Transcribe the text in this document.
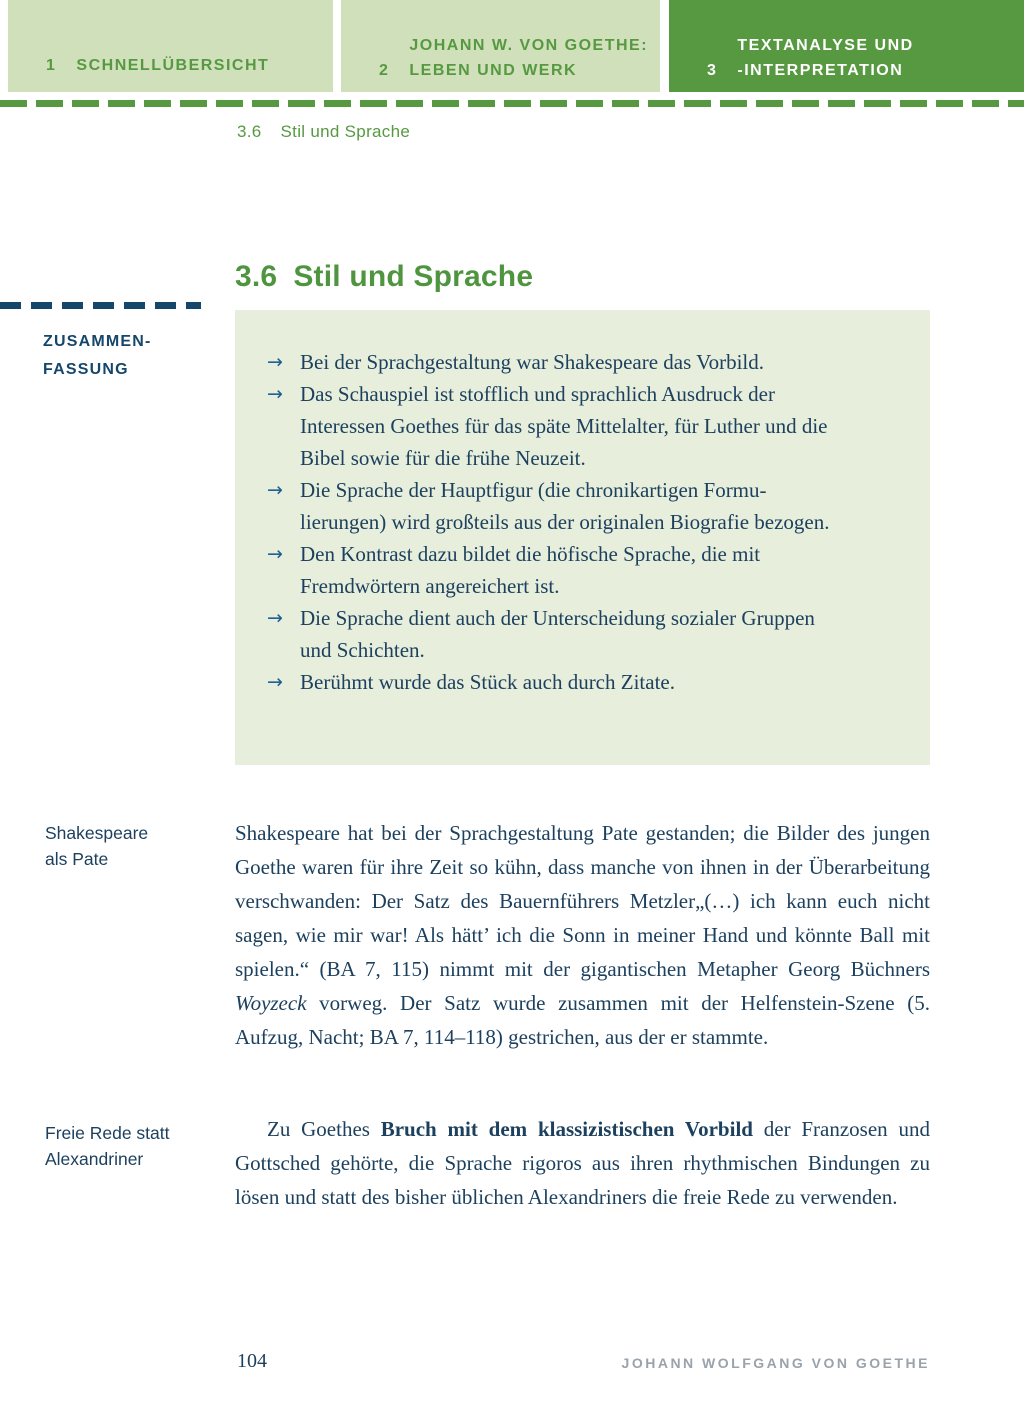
1 SCHNELLÜBERSICHT	2
JOHANN W. VON GOETHE:
LEBEN UND WERK	3
TEXTANALYSE UND
-INTERPRETATION
3.6 Stil und Sprache
3.6 Stil und Sprache
ZUSAMMEN-
FASSUNG	→ Bei der Sprachgestaltung war Shakespeare das Vorbild.
→ Das Schauspiel ist stofflich und sprachlich Ausdruck der Interessen Goethes für das späte Mittelalter, für Luther und die Bibel sowie für die frühe Neuzeit.
→ Die Sprache der Hauptfigur (die chronikartigen Formulierungen) wird großteils aus der originalen Biografie bezogen.
→ Den Kontrast dazu bildet die höfische Sprache, die mit Fremdwörtern angereichert ist.
→ Die Sprache dient auch der Unterscheidung sozialer Gruppen und Schichten.
→ Berühmt wurde das Stück auch durch Zitate.
Shakespeare
als Pate

Shakespeare hat bei der Sprachgestaltung Pate gestanden; die Bilder des jungen Goethe waren für ihre Zeit so kühn, dass manche von ihnen in der Überarbeitung verschwanden: Der Satz des Bauernführers Metzler„(…) ich kann euch nicht sagen, wie mir war! Als hätt’ ich die Sonn in meiner Hand und könnte Ball mit spielen.“ (BA 7, 115) nimmt mit der gigantischen Metapher Georg Büchners Woyzeck vorweg. Der Satz wurde zusammen mit der Helfenstein-Szene (5. Aufzug, Nacht; BA 7, 114–118) gestrichen, aus der er stammte.

Freie Rede statt
Alexandriner

Zu Goethes Bruch mit dem klassizistischen Vorbild der Franzosen und Gottsched gehörte, die Sprache rigoros aus ihren rhythmischen Bindungen zu lösen und statt des bisher üblichen Alexandriners die freie Rede zu verwenden.

104	JOHANN WOLFGANG VON GOETHE
